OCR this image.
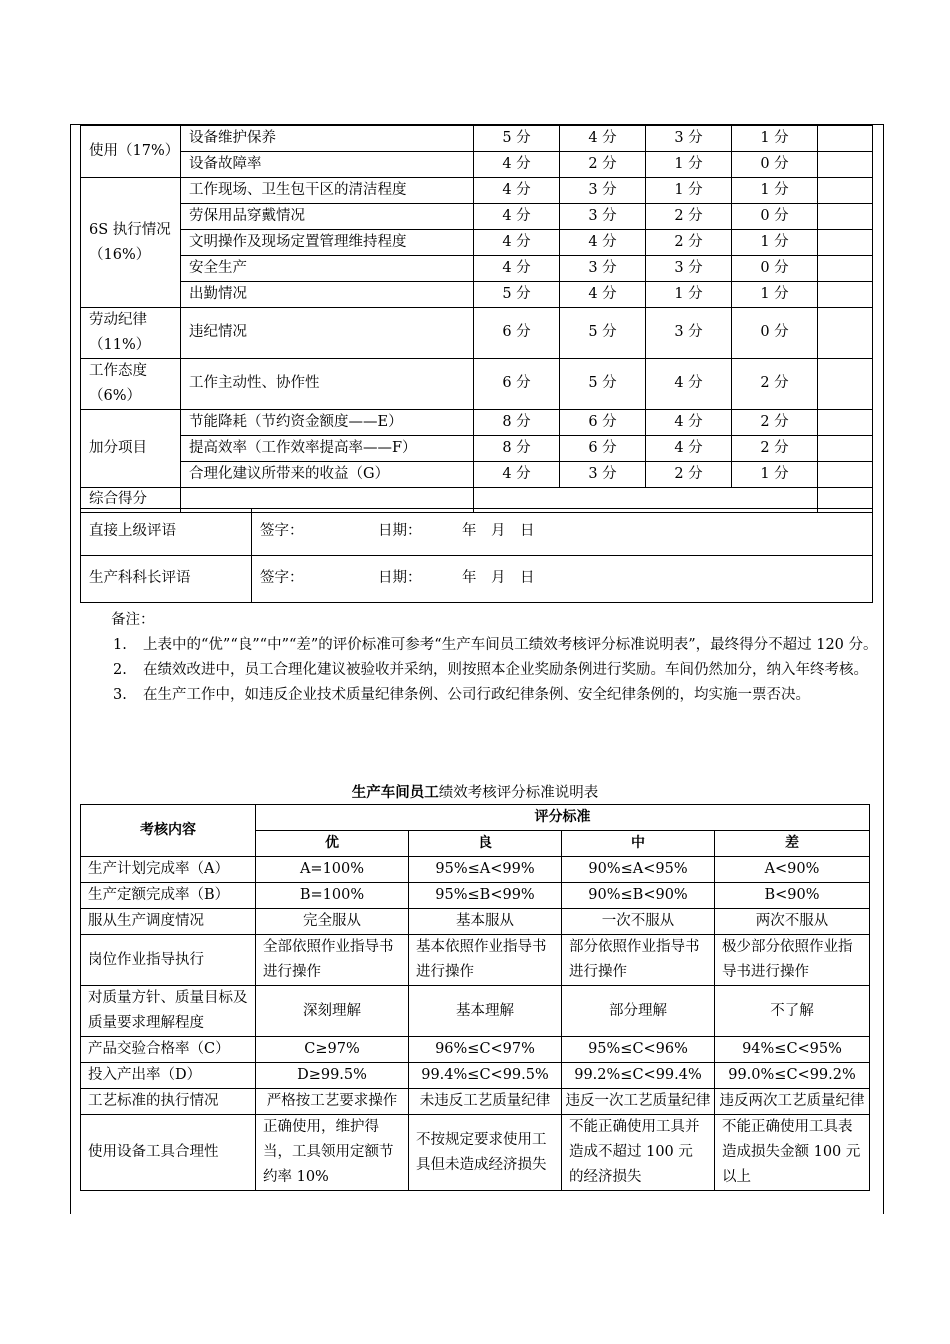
使用（17%）	设备维护保养	5 分	4 分	3 分	1 分	
	设备故障率	4 分	2 分	1 分	0 分	
6S 执行情况（16%）	工作现场、卫生包干区的清洁程度	4 分	3 分	1 分	1 分	
	劳保用品穿戴情况	4 分	3 分	2 分	0 分	
	文明操作及现场定置管理维持程度	4 分	4 分	2 分	1 分	
	安全生产	4 分	3 分	3 分	0 分	
	出勤情况	5 分	4 分	1 分	1 分	
劳动纪律（11%）	违纪情况	6 分	5 分	3 分	0 分	
工作态度（6%）	工作主动性、协作性	6 分	5 分	4 分	2 分	
加分项目	节能降耗（节约资金额度——E）	8 分	6 分	4 分	2 分	
	提高效率（工作效率提高率——F）	8 分	6 分	4 分	2 分	
	合理化建议所带来的收益（G）	4 分	3 分	2 分	1 分	
综合得分						
直接上级评语	签字： 日期： 年　月　日
生产科科长评语	签字： 日期： 年　月　日
备注：
1. 上表中的“优”“良”“中”“差”的评价标准可参考“生产车间员工绩效考核评分标准说明表”，最终得分不超过 120 分。
2. 在绩效改进中，员工合理化建议被验收并采纳，则按照本企业奖励条例进行奖励。车间仍然加分，纳入年终考核。
3. 在生产工作中，如违反企业技术质量纪律条例、公司行政纪律条例、安全纪律条例的，均实施一票否决。
生产车间员工绩效考核评分标准说明表
考核内容	评分标准			
	优	良	中	差
生产计划完成率（A）	A=100%	95%≤A<99%	90%≤A<95%	A<90%
生产定额完成率（B）	B=100%	95%≤B<99%	90%≤B<90%	B<90%
服从生产调度情况	完全服从	基本服从	一次不服从	两次不服从
岗位作业指导执行	全部依照作业指导书进行操作	基本依照作业指导书进行操作	部分依照作业指导书进行操作	极少部分依照作业指导书进行操作
对质量方针、质量目标及质量要求理解程度	深刻理解	基本理解	部分理解	不了解
产品交验合格率（C）	C≥97%	96%≤C<97%	95%≤C<96%	94%≤C<95%
投入产出率（D）	D≥99.5%	99.4%≤C<99.5%	99.2%≤C<99.4%	99.0%≤C<99.2%
工艺标准的执行情况	严格按工艺要求操作	未违反工艺质量纪律	违反一次工艺质量纪律	违反两次工艺质量纪律
使用设备工具合理性	正确使用，维护得当，工具领用定额节约率 10%	不按规定要求使用工具但未造成经济损失	不能正确使用工具并造成不超过 100 元的经济损失	不能正确使用工具表造成损失金额 100 元以上
